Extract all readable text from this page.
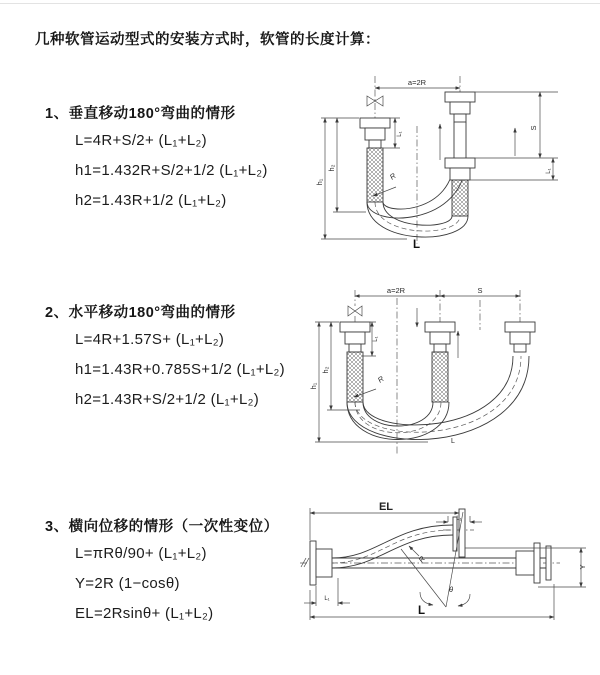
几种软管运动型式的安装方式时，软管的长度计算：
1、垂直移动180°弯曲的情形
L=4R+S/2+ (L₁+L₂)
h1=1.432R+S/2+1/2 (L₁+L₂)
h2=1.43R+1/2 (L₁+L₂)
2、水平移动180°弯曲的情形
L=4R+1.57S+ (L₁+L₂)
h1=1.43R+0.785S+1/2 (L₁+L₂)
h2=1.43R+S/2+1/2 (L₁+L₂)
3、横向位移的情形（一次性变位）
L=πRθ/90+ (L₁+L₂)
Y=2R (1−cosθ)
EL=2Rsinθ+ (L₁+L₂)
a=2R
L₁
S
L₁
h₁
h₂
R
L
a=2R	S
L₁
h₁
h₂
R
L
EL
L₁
Y
θ
R
L₁
L
